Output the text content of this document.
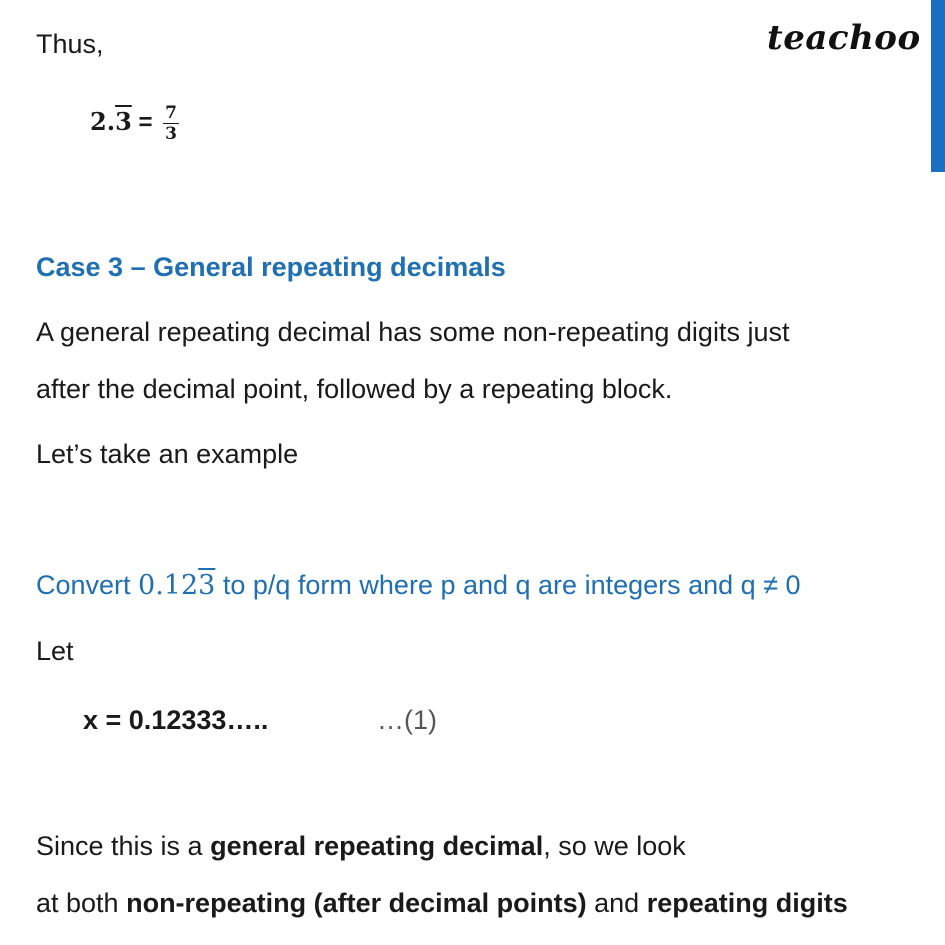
teachoo
Thus,
$2.3 = \frac{7}{3}$
Case 3 – General repeating decimals
A general repeating decimal has some non-repeating digits just
after the decimal point, followed by a repeating block.
Let’s take an example
Convert 0.123 to p/q form where p and q are integers and q ≠ 0
Let
x = 0.12333…..	…(1)
Since this is a general repeating decimal, so we look
at both non-repeating (after decimal points) and repeating digits
